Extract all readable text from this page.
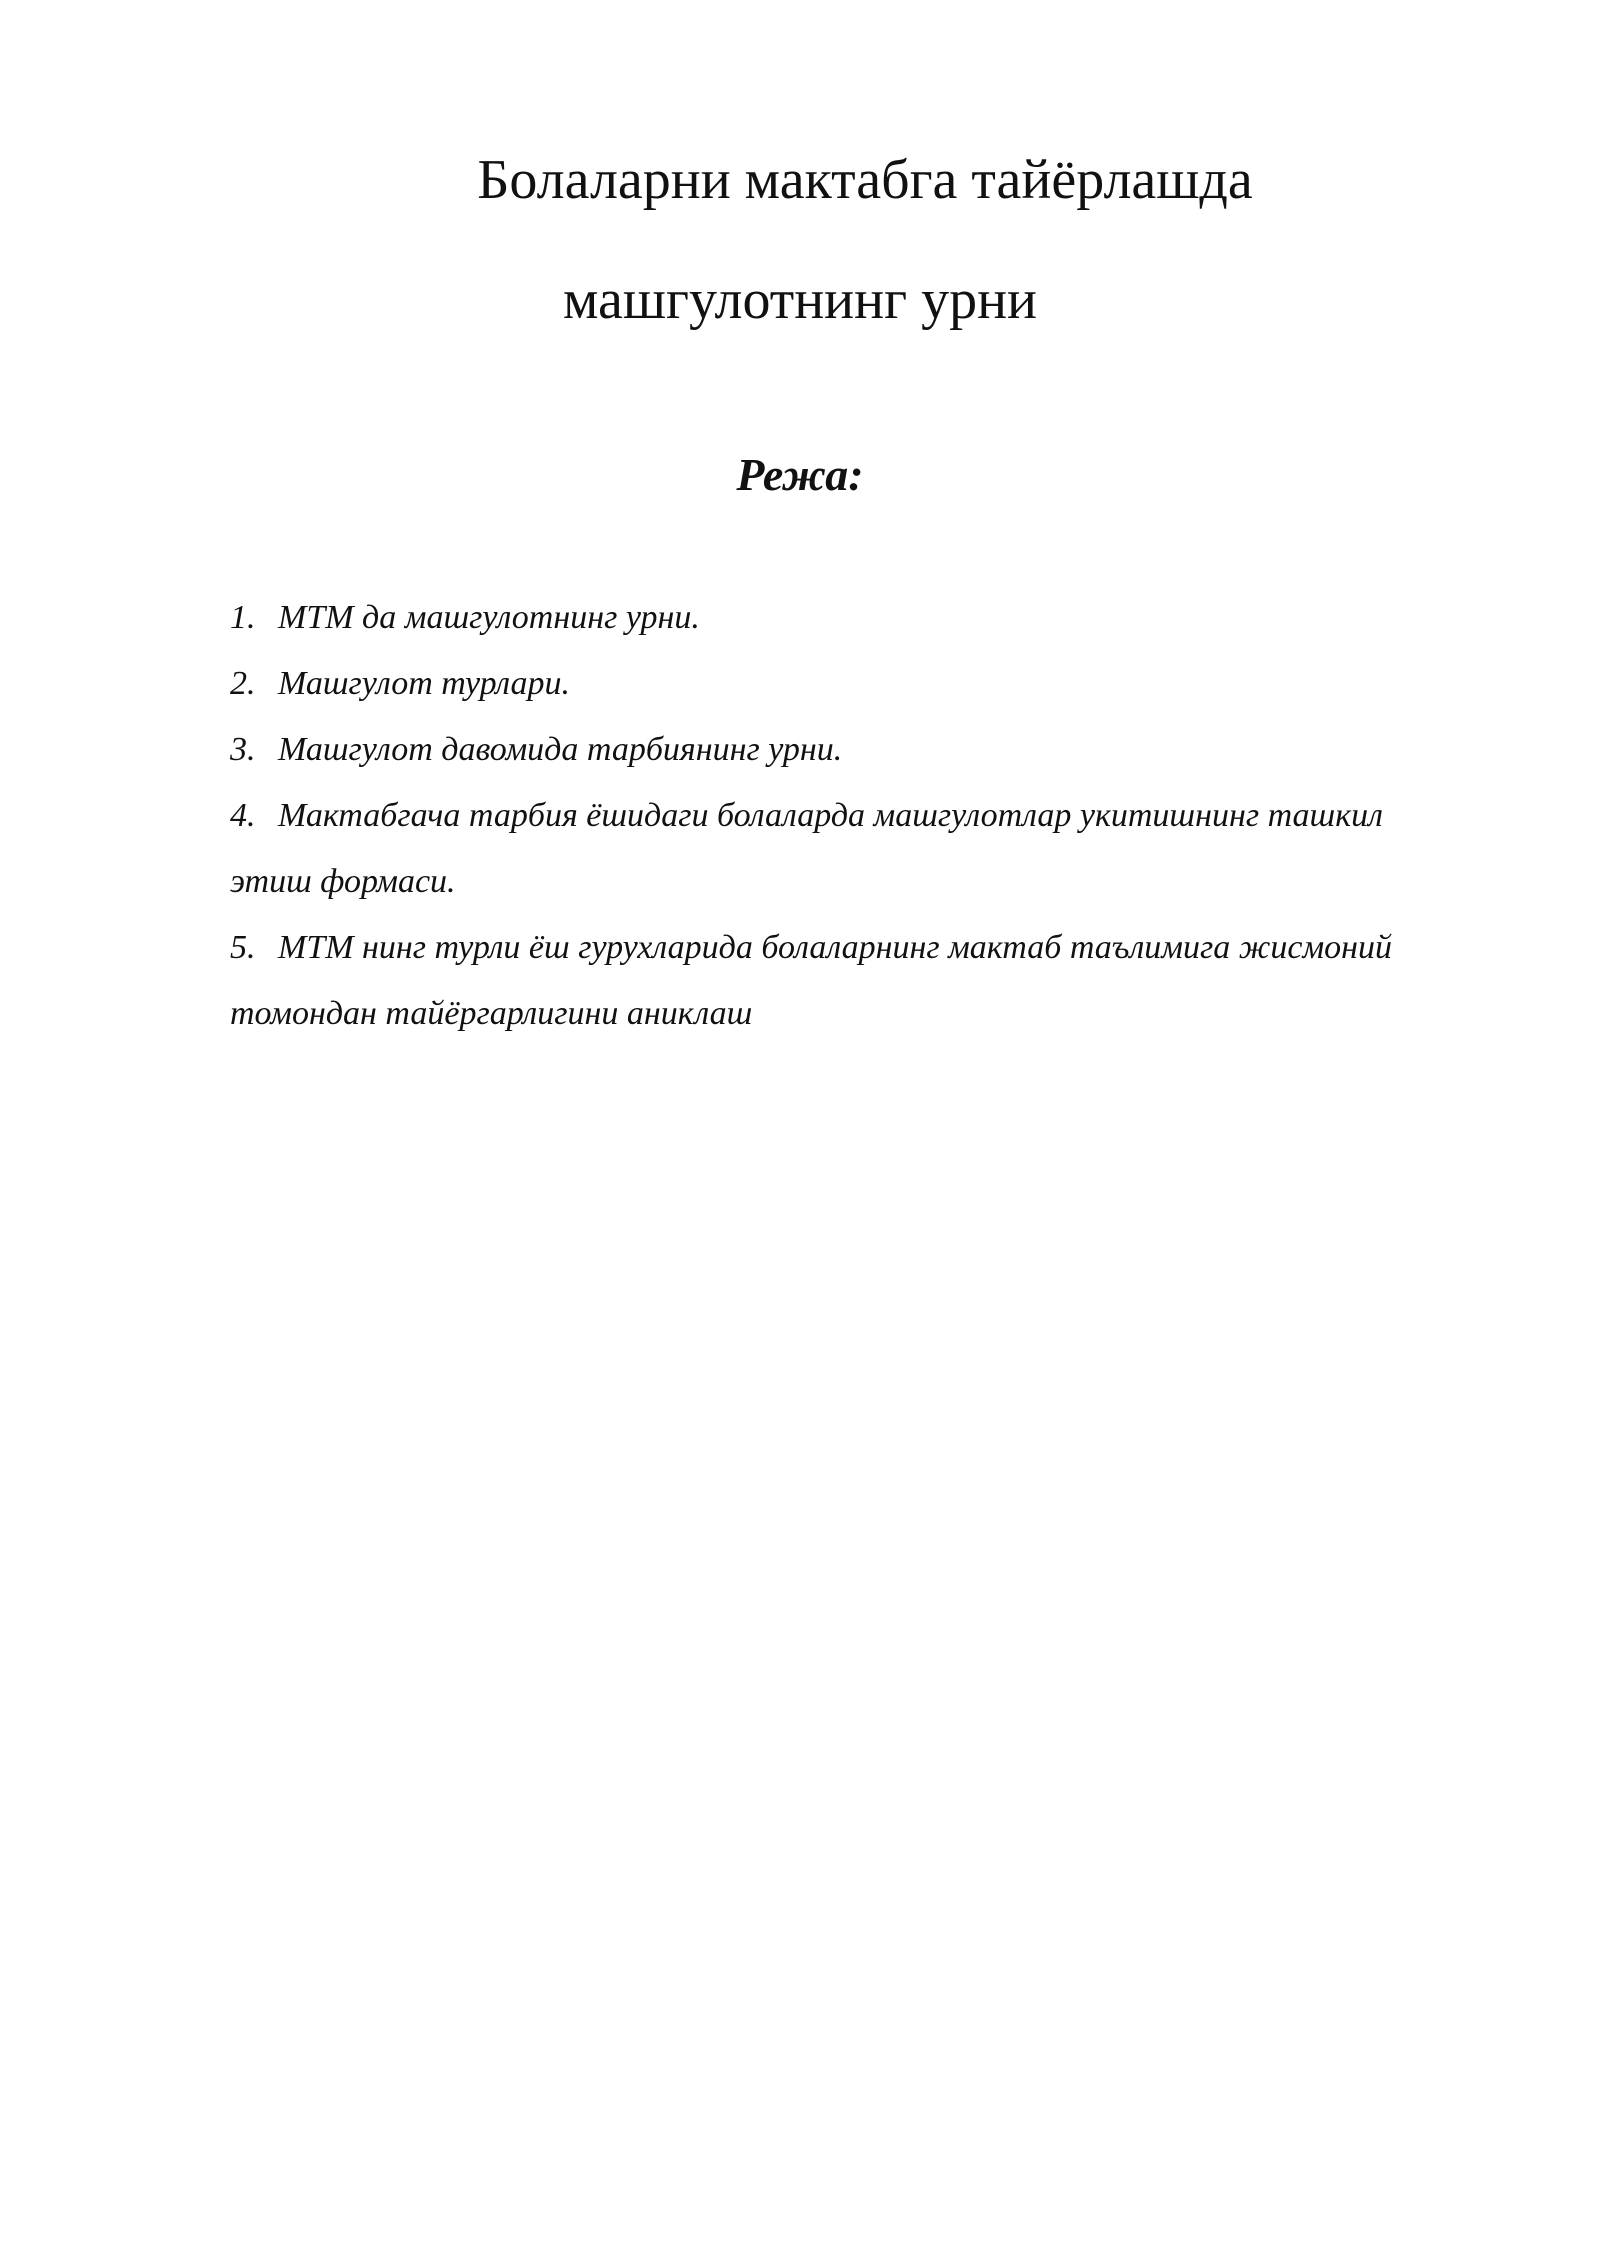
Болаларни мактабга тайёрлашда
машгулотнинг урни
Режа:
1. МТМ да машгулотнинг урни.
2. Машгулот турлари.
3. Машгулот давомида тарбиянинг урни.
4. Мактабгача тарбия ёшидаги болаларда машгулотлар укитишнинг ташкил этиш формаси.
5. МТМ нинг турли ёш гурухларида болаларнинг мактаб таълимига жисмоний томондан тайёргарлигини аниклаш
